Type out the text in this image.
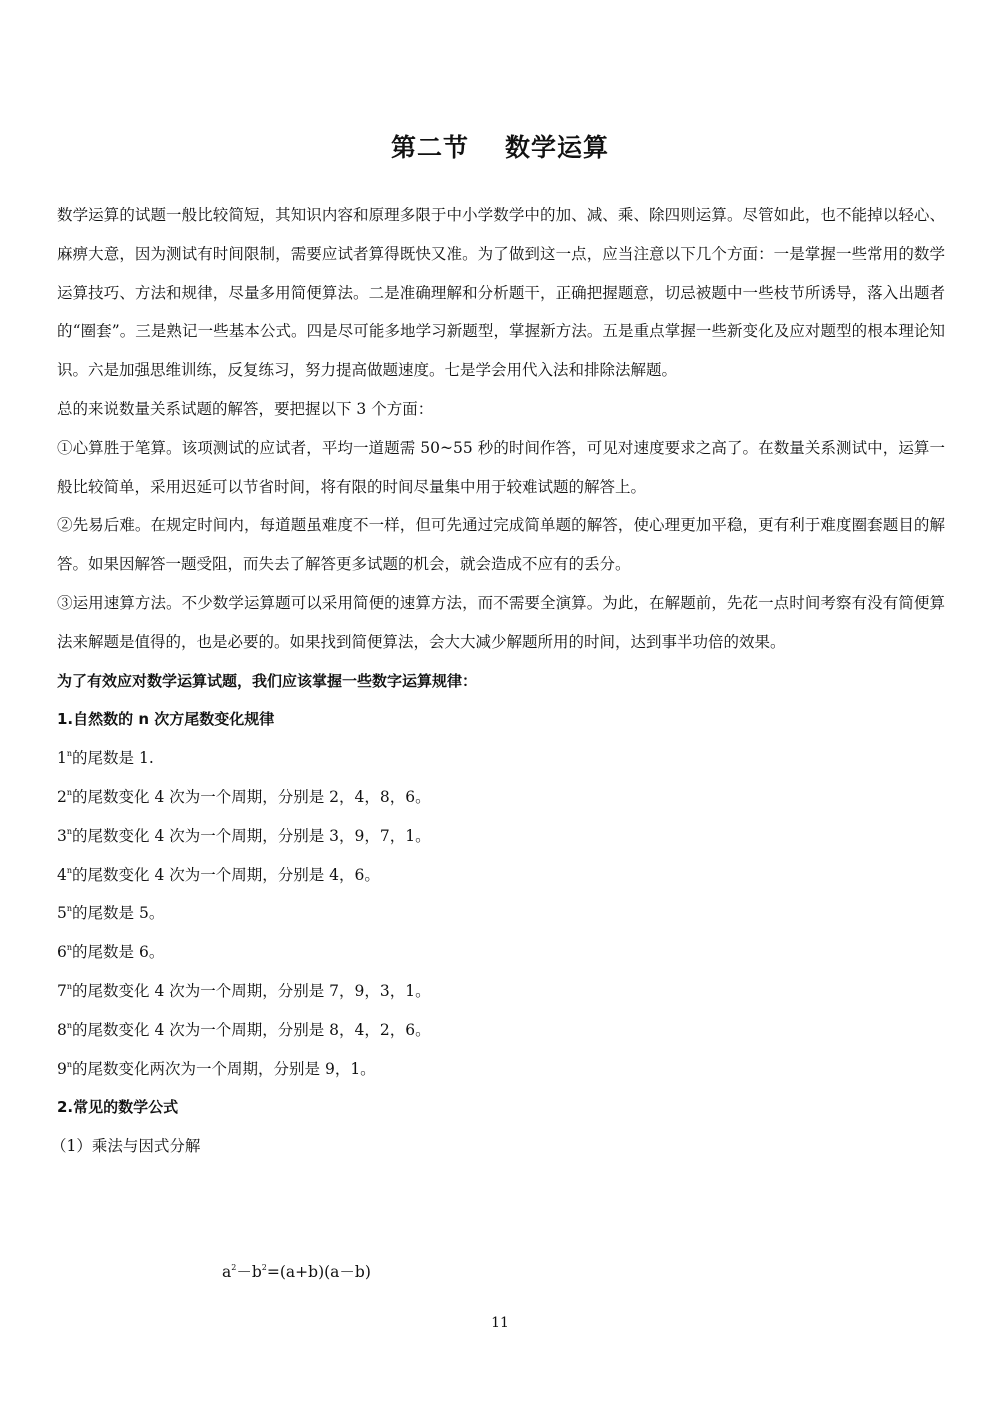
第二节 数学运算

数学运算的试题一般比较简短，其知识内容和原理多限于中小学数学中的加、减、乘、除四则运算。尽管如此，也不能掉以轻心、麻痹大意，因为测试有时间限制，需要应试者算得既快又准。为了做到这一点，应当注意以下几个方面：一是掌握一些常用的数学运算技巧、方法和规律，尽量多用简便算法。二是准确理解和分析题干，正确把握题意，切忌被题中一些枝节所诱导，落入出题者的“圈套”。三是熟记一些基本公式。四是尽可能多地学习新题型，掌握新方法。五是重点掌握一些新变化及应对题型的根本理论知识。六是加强思维训练，反复练习，努力提高做题速度。七是学会用代入法和排除法解题。

总的来说数量关系试题的解答，要把握以下 3 个方面：

①心算胜于笔算。该项测试的应试者，平均一道题需 50~55 秒的时间作答，可见对速度要求之高了。在数量关系测试中，运算一般比较简单，采用迟延可以节省时间，将有限的时间尽量集中用于较难试题的解答上。

②先易后难。在规定时间内，每道题虽难度不一样，但可先通过完成简单题的解答，使心理更加平稳，更有利于难度圈套题目的解答。如果因解答一题受阻，而失去了解答更多试题的机会，就会造成不应有的丢分。

③运用速算方法。不少数学运算题可以采用简便的速算方法，而不需要全演算。为此，在解题前，先花一点时间考察有没有简便算法来解题是值得的，也是必要的。如果找到简便算法，会大大减少解题所用的时间，达到事半功倍的效果。

为了有效应对数学运算试题，我们应该掌握一些数字运算规律：

1.自然数的 n 次方尾数变化规律

1$^n$的尾数是 1.

2$^n$的尾数变化 4 次为一个周期，分别是 2，4，8，6。

3$^n$的尾数变化 4 次为一个周期，分别是 3，9，7，1。

4$^n$的尾数变化 4 次为一个周期，分别是 4，6。

5$^n$的尾数是 5。

6$^n$的尾数是 6。

7$^n$的尾数变化 4 次为一个周期，分别是 7，9，3，1。

8$^n$的尾数变化 4 次为一个周期，分别是 8，4，2，6。

9$^n$的尾数变化两次为一个周期，分别是 9，1。

2.常见的数学公式

（1）乘法与因式分解

$a^2-b^2=(a+b)(a-b)$
11
